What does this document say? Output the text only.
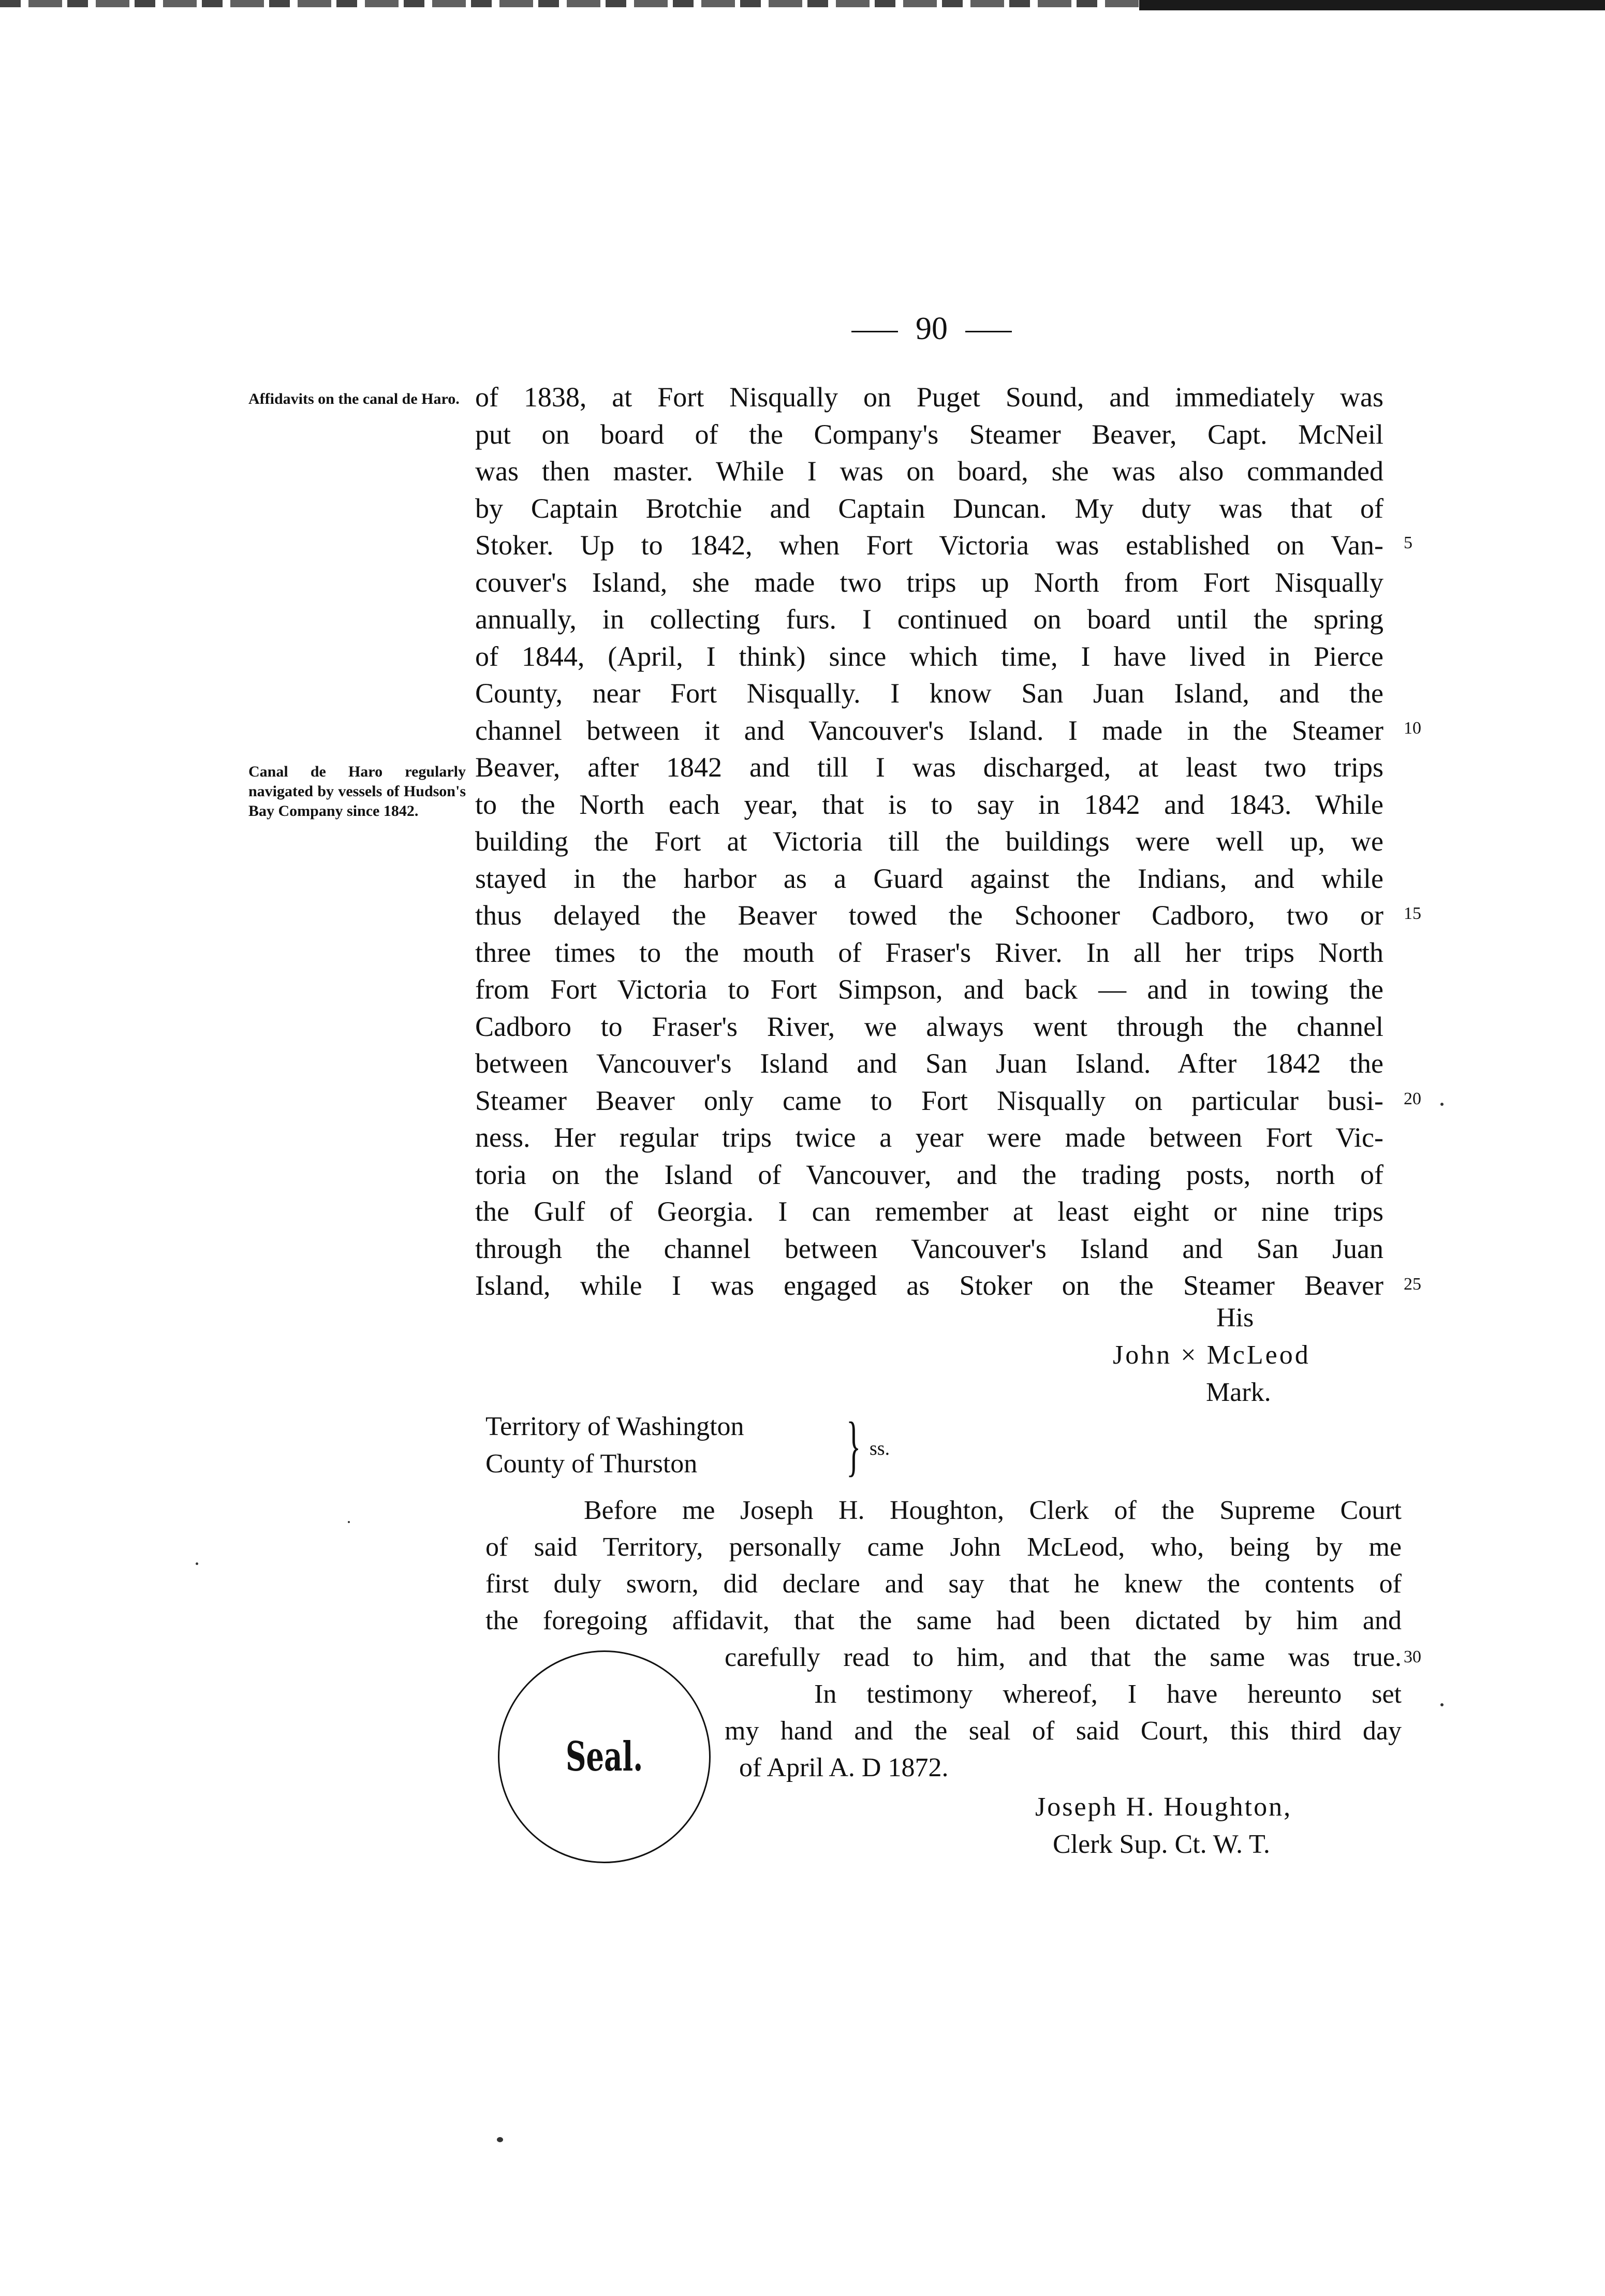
90
Affidavits on the canal de Haro.
Canal de Haro regularly navigated by vessels of Hudson's Bay Company since 1842.
of 1838, at Fort Nisqually on Puget Sound, and immediately was
put on board of the Company's Steamer Beaver, Capt. McNeil
was then master. While I was on board, she was also commanded
by Captain Brotchie and Captain Duncan. My duty was that of
Stoker. Up to 1842, when Fort Victoria was established on Van-
couver's Island, she made two trips up North from Fort Nisqually
annually, in collecting furs. I continued on board until the spring
of 1844, (April, I think) since which time, I have lived in Pierce
County, near Fort Nisqually. I know San Juan Island, and the
channel between it and Vancouver's Island. I made in the Steamer
Beaver, after 1842 and till I was discharged, at least two trips
to the North each year, that is to say in 1842 and 1843. While
building the Fort at Victoria till the buildings were well up, we
stayed in the harbor as a Guard against the Indians, and while
thus delayed the Beaver towed the Schooner Cadboro, two or
three times to the mouth of Fraser's River. In all her trips North
from Fort Victoria to Fort Simpson, and back — and in towing the
Cadboro to Fraser's River, we always went through the channel
between Vancouver's Island and San Juan Island. After 1842 the
Steamer Beaver only came to Fort Nisqually on particular busi-
ness. Her regular trips twice a year were made between Fort Vic-
toria on the Island of Vancouver, and the trading posts, north of
the Gulf of Georgia. I can remember at least eight or nine trips
through the channel between Vancouver's Island and San Juan
Island, while I was engaged as Stoker on the Steamer Beaver
5
10
15
20
25
30
His
John × McLeod
Mark.
Territory of Washington
County of Thurston	} ss.
Before me Joseph H. Houghton, Clerk of the Supreme Court
of said Territory, personally came John McLeod, who, being by me
first duly sworn, did declare and say that he knew the contents of
the foregoing affidavit, that the same had been dictated by him and
carefully read to him, and that the same was true.
In testimony whereof, I have hereunto set
my hand and the seal of said Court, this third day
of April A. D 1872.
Seal.
Joseph H. Houghton,
Clerk Sup. Ct. W. T.
